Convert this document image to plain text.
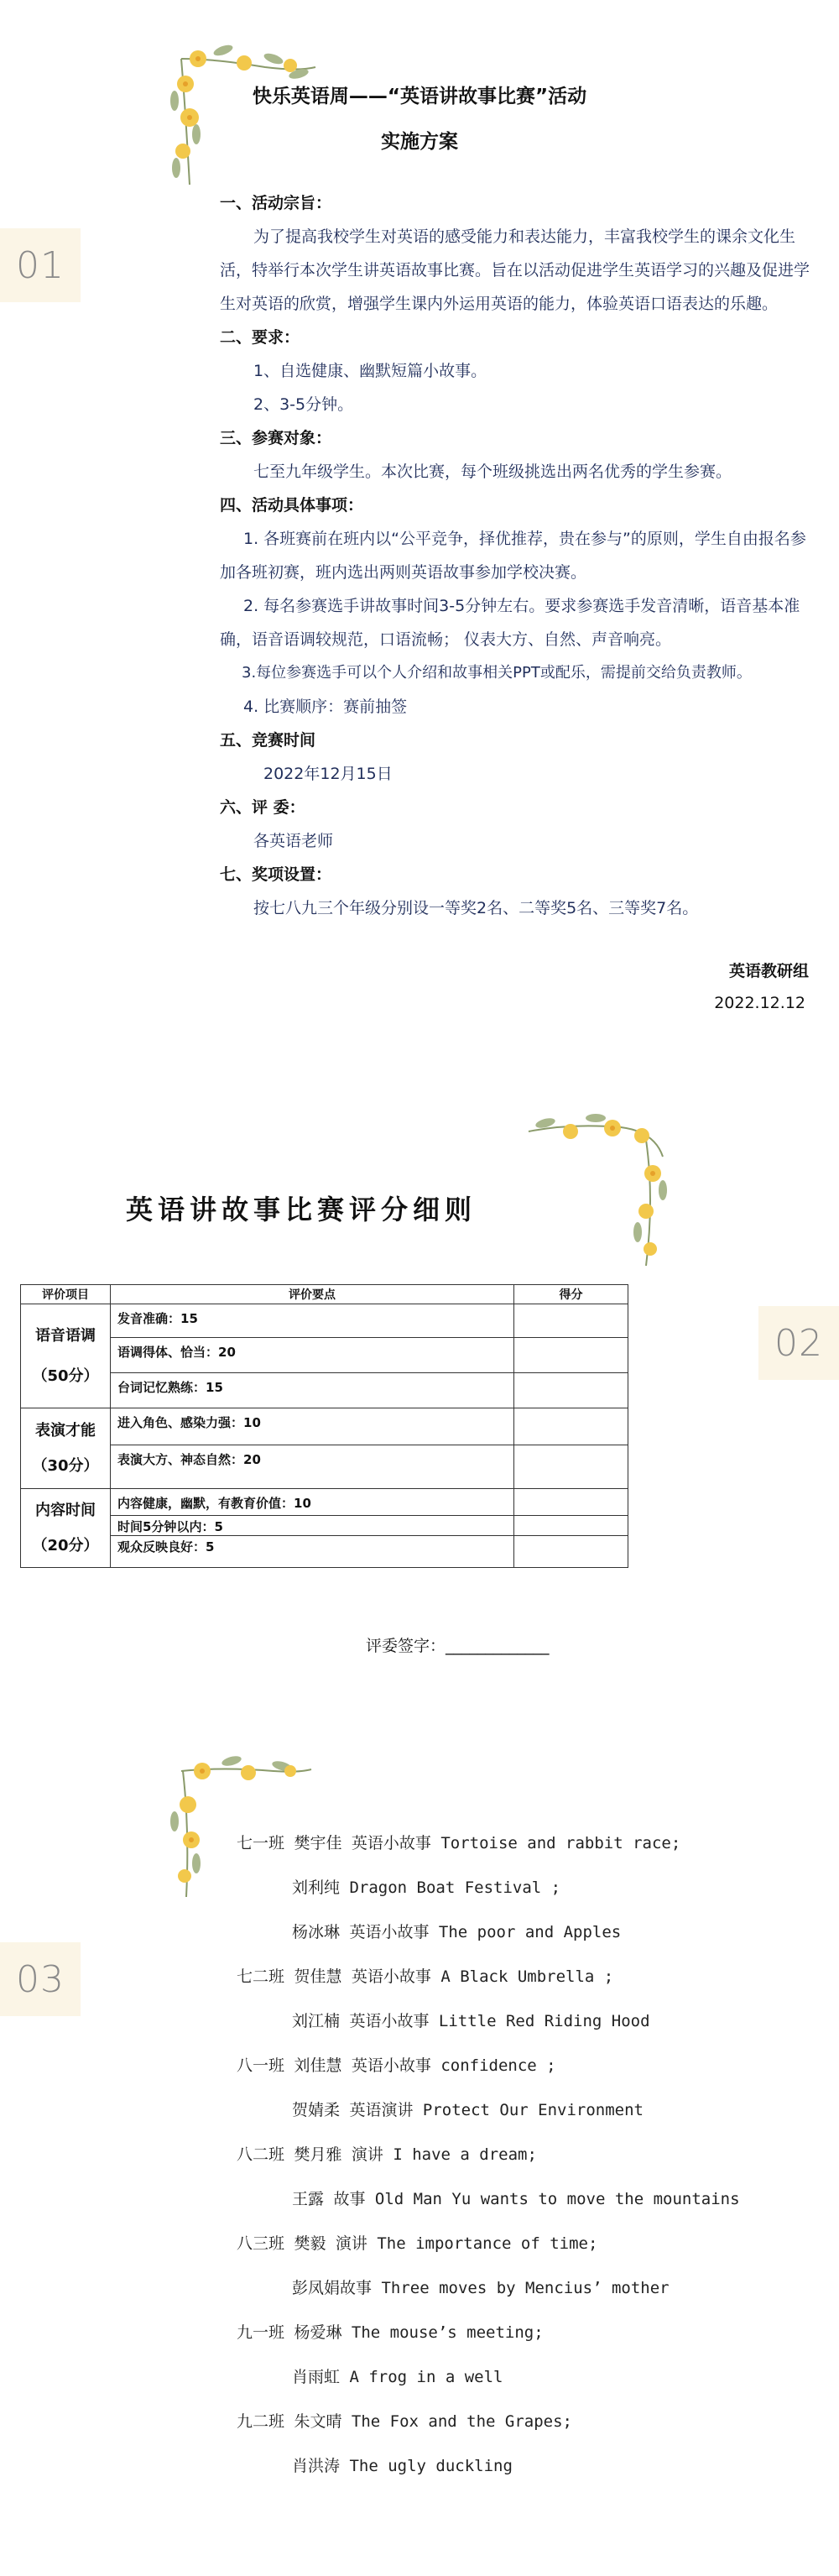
01
快乐英语周——“英语讲故事比赛”活动
实施方案
一、活动宗旨：
为了提高我校学生对英语的感受能力和表达能力，丰富我校学生的课余文化生活，特举行本次学生讲英语故事比赛。旨在以活动促进学生英语学习的兴趣及促进学生对英语的欣赏，增强学生课内外运用英语的能力，体验英语口语表达的乐趣。
二、要求：
1、自选健康、幽默短篇小故事。
2、3-5分钟。
三、参赛对象：
七至九年级学生。本次比赛，每个班级挑选出两名优秀的学生参赛。
四、活动具体事项：
1. 各班赛前在班内以“公平竞争，择优推荐，贵在参与”的原则，学生自由报名参加各班初赛，班内选出两则英语故事参加学校决赛。
2. 每名参赛选手讲故事时间3-5分钟左右。要求参赛选手发音清晰，语音基本准确，语音语调较规范，口语流畅； 仪表大方、自然、声音响亮。
3.每位参赛选手可以个人介绍和故事相关PPT或配乐，需提前交给负责教师。
4. 比赛顺序：赛前抽签
五、竞赛时间
2022年12月15日
六、评 委：
各英语老师
七、奖项设置：
按七八九三个年级分别设一等奖2名、二等奖5名、三等奖7名。
英语教研组
2022.12.12
英语讲故事比赛评分细则
02
评价项目	评价要点	得分

语音语调
（50分）	发音准确：15	
	语调得体、恰当：20	
	台词记忆熟练：15	

表演才能
（30分）	进入角色、感染力强：10	
	表演大方、神态自然：20	

内容时间
（20分）	内容健康，幽默，有教育价值：10	
	时间5分钟以内：5	
	观众反映良好：5	
评委签字：_____________
03
七一班 樊宇佳 英语小故事 Tortoise and rabbit race;
刘利纯 Dragon Boat Festival ;
杨冰琳 英语小故事 The poor and Apples
七二班 贺佳慧 英语小故事 A Black Umbrella ;
刘江楠 英语小故事 Little Red Riding Hood
八一班 刘佳慧 英语小故事 confidence ;
贺婧柔 英语演讲 Protect Our Environment
八二班 樊月雅 演讲 I have a dream;
王露 故事 Old Man Yu wants to move the mountains
八三班 樊毅 演讲 The importance of time;
彭凤娟故事 Three moves by Mencius’ mother
九一班 杨爱琳 The mouse’s meeting;
肖雨虹 A frog in a well
九二班 朱文晴 The Fox and the Grapes;
肖洪涛 The ugly duckling
